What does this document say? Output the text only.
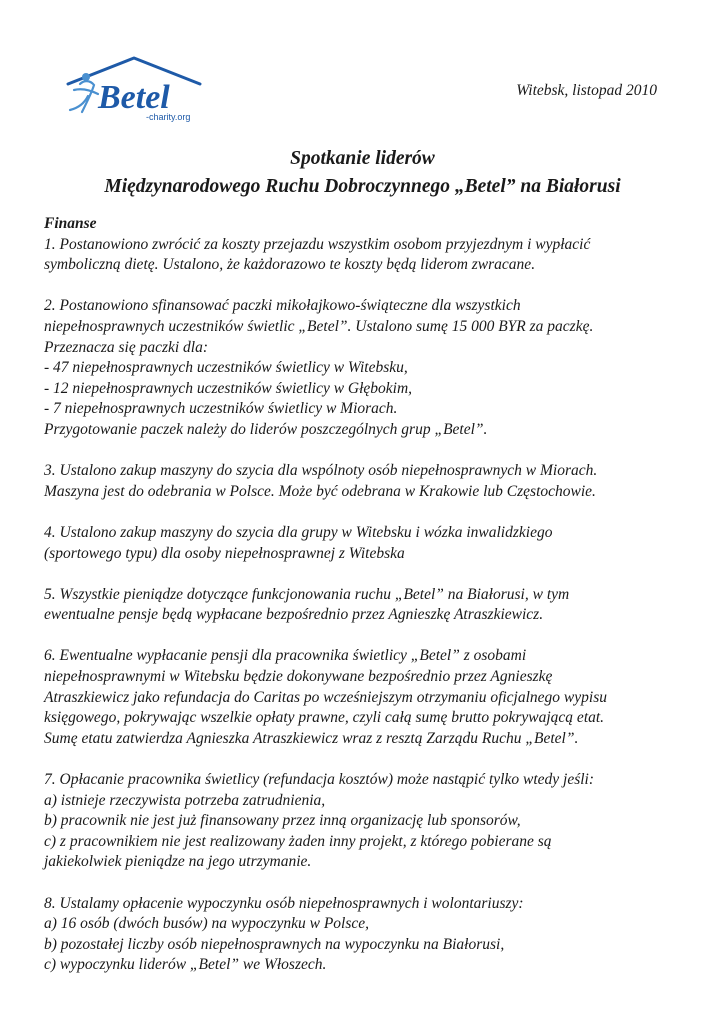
Betel
-charity.org

Witebsk, listopad 2010

Spotkanie liderów
Międzynarodowego Ruchu Dobroczynnego „Betel” na Białorusi

Finanse

1. Postanowiono zwrócić za koszty przejazdu wszystkim osobom przyjezdnym i wypłacić
symboliczną dietę. Ustalono, że każdorazowo te koszty będą liderom zwracane.

2. Postanowiono sfinansować paczki mikołajkowo-świąteczne dla wszystkich
niepełnosprawnych uczestników świetlic „Betel”. Ustalono sumę 15 000 BYR za paczkę.
Przeznacza się paczki dla:
- 47 niepełnosprawnych uczestników świetlicy w Witebsku,
- 12 niepełnosprawnych uczestników świetlicy w Głębokim,
- 7 niepełnosprawnych uczestników świetlicy w Miorach.
Przygotowanie paczek należy do liderów poszczególnych grup „Betel”.

3. Ustalono zakup maszyny do szycia dla wspólnoty osób niepełnosprawnych w Miorach.
Maszyna jest do odebrania w Polsce. Może być odebrana w Krakowie lub Częstochowie.

4. Ustalono zakup maszyny do szycia dla grupy w Witebsku i wózka inwalidzkiego
(sportowego typu) dla osoby niepełnosprawnej z Witebska

5. Wszystkie pieniądze dotyczące funkcjonowania ruchu „Betel” na Białorusi, w tym
ewentualne pensje będą wypłacane bezpośrednio przez Agnieszkę Atraszkiewicz.

6. Ewentualne wypłacanie pensji dla pracownika świetlicy „Betel” z osobami
niepełnosprawnymi w Witebsku będzie dokonywane bezpośrednio przez Agnieszkę
Atraszkiewicz jako refundacja do Caritas po wcześniejszym otrzymaniu oficjalnego wypisu
księgowego, pokrywając wszelkie opłaty prawne, czyli całą sumę brutto pokrywającą etat.
Sumę etatu zatwierdza Agnieszka Atraszkiewicz wraz z resztą Zarządu Ruchu „Betel”.

7. Opłacanie pracownika świetlicy (refundacja kosztów) może nastąpić tylko wtedy jeśli:
a) istnieje rzeczywista potrzeba zatrudnienia,
b) pracownik nie jest już finansowany przez inną organizację lub sponsorów,
c) z pracownikiem nie jest realizowany żaden inny projekt, z którego pobierane są
jakiekolwiek pieniądze na jego utrzymanie.

8. Ustalamy opłacenie wypoczynku osób niepełnosprawnych i wolontariuszy:
a) 16 osób (dwóch busów) na wypoczynku w Polsce,
b) pozostałej liczby osób niepełnosprawnych na wypoczynku na Białorusi,
c) wypoczynku liderów „Betel” we Włoszech.
